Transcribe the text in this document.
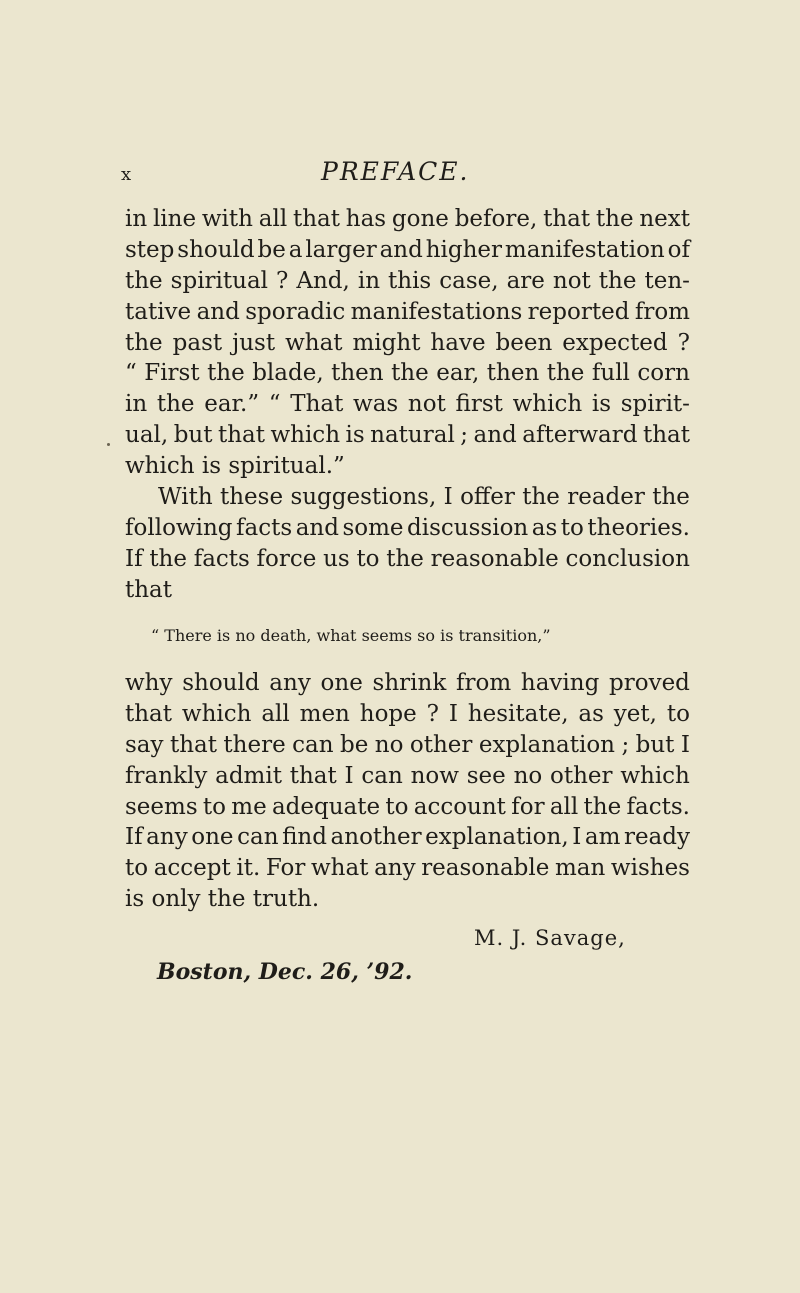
x	PREFACE.
in line with all that has gone before, that the next
step should be a larger and higher manifestation of
the spiritual ? And, in this case, are not the ten-
tative and sporadic manifestations reported from
the past just what might have been expected ?
“ First the blade, then the ear, then the full corn
in the ear.” “ That was not first which is spirit-
ual, but that which is natural ; and afterward that
which is spiritual.”
With these suggestions, I offer the reader the
following facts and some discussion as to theories.
If the facts force us to the reasonable conclusion
that
“ There is no death, what seems so is transition,”
why should any one shrink from having proved
that which all men hope ? I hesitate, as yet, to
say that there can be no other explanation ; but I
frankly admit that I can now see no other which
seems to me adequate to account for all the facts.
If any one can find another explanation, I am ready
to accept it. For what any reasonable man wishes
is only the truth.
M. J. Savage,
Boston, Dec. 26, ’92.
